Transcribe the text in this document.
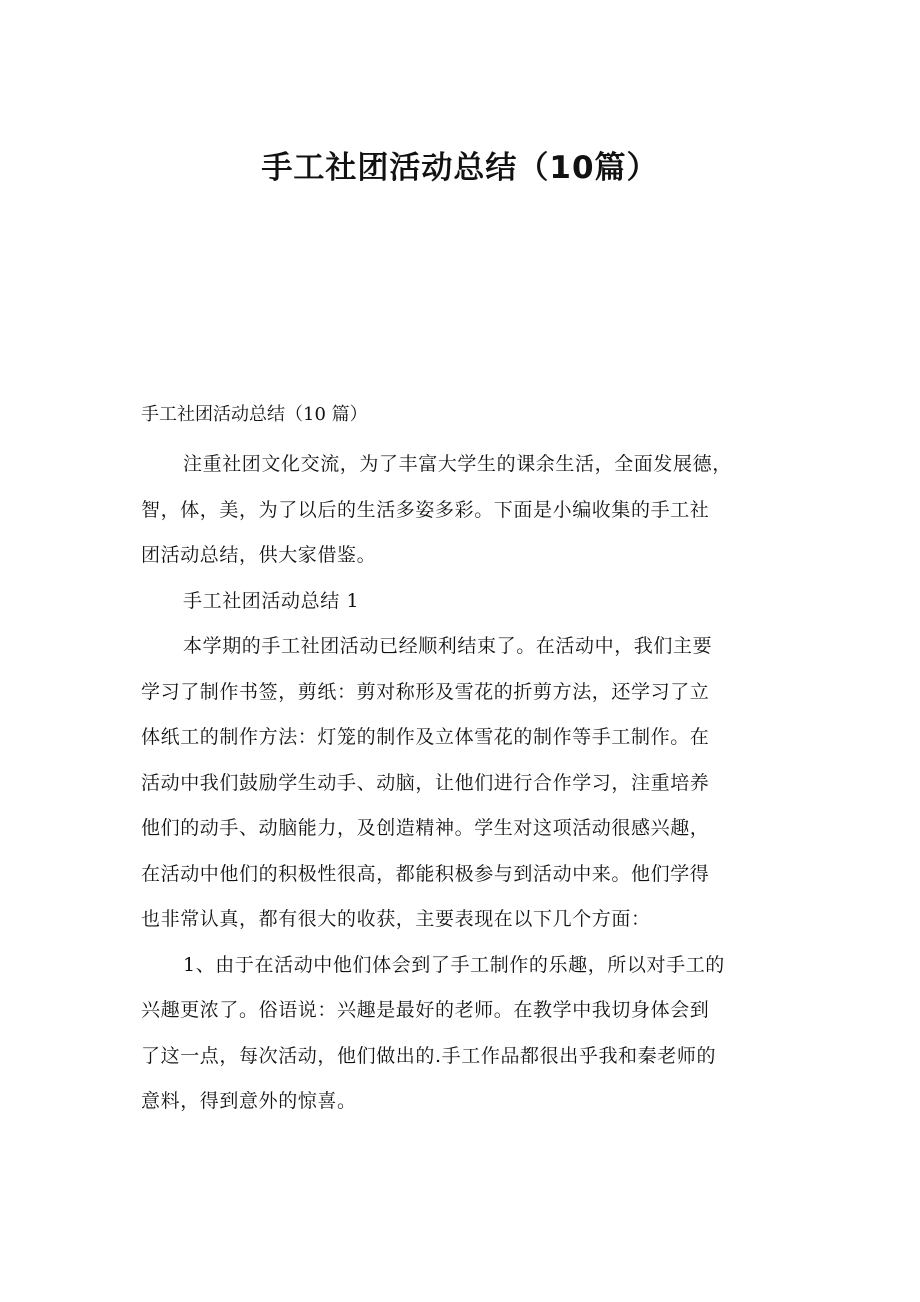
手工社团活动总结（10篇）

手工社团活动总结（10 篇）

注重社团文化交流，为了丰富大学生的课余生活，全面发展德，
智，体，美，为了以后的生活多姿多彩。下面是小编收集的手工社
团活动总结，供大家借鉴。
手工社团活动总结 1
本学期的手工社团活动已经顺利结束了。在活动中，我们主要
学习了制作书签，剪纸：剪对称形及雪花的折剪方法，还学习了立
体纸工的制作方法：灯笼的制作及立体雪花的制作等手工制作。在
活动中我们鼓励学生动手、动脑，让他们进行合作学习，注重培养
他们的动手、动脑能力，及创造精神。学生对这项活动很感兴趣，
在活动中他们的积极性很高，都能积极参与到活动中来。他们学得
也非常认真，都有很大的收获，主要表现在以下几个方面：
1、由于在活动中他们体会到了手工制作的乐趣，所以对手工的
兴趣更浓了。俗语说：兴趣是最好的老师。在教学中我切身体会到
了这一点，每次活动，他们做出的.手工作品都很出乎我和秦老师的
意料，得到意外的惊喜。
